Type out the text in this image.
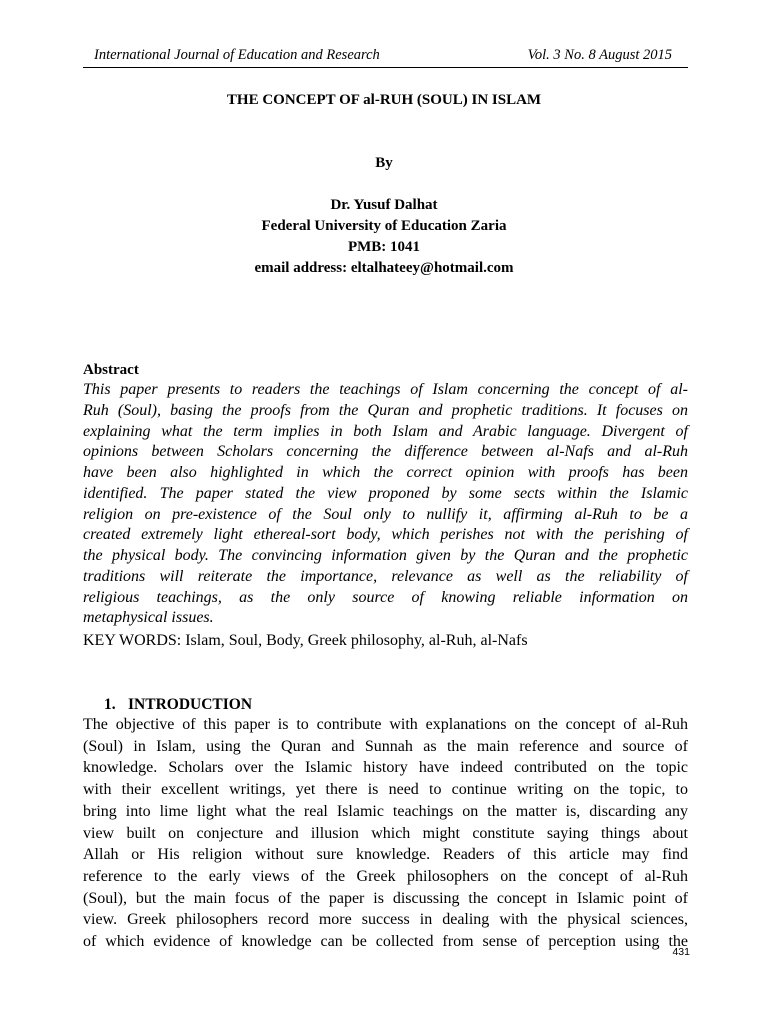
International Journal of Education and Research	Vol. 3 No. 8 August 2015
THE CONCEPT OF al-RUH (SOUL) IN ISLAM
By
Dr. Yusuf Dalhat
Federal University of Education Zaria
PMB: 1041
email address: eltalhateey@hotmail.com
Abstract
This paper presents to readers the teachings of Islam concerning the concept of al-
Ruh (Soul), basing the proofs from the Quran and prophetic traditions. It focuses on
explaining what the term implies in both Islam and Arabic language. Divergent of
opinions between Scholars concerning the difference between al-Nafs and al-Ruh
have been also highlighted in which the correct opinion with proofs has been
identified. The paper stated the view proponed by some sects within the Islamic
religion on pre-existence of the Soul only to nullify it, affirming al-Ruh to be a
created extremely light ethereal-sort body, which perishes not with the perishing of
the physical body. The convincing information given by the Quran and the prophetic
traditions will reiterate the importance, relevance as well as the reliability of
religious teachings, as the only source of knowing reliable information on
metaphysical issues.
KEY WORDS: Islam, Soul, Body, Greek philosophy, al-Ruh, al-Nafs
1. INTRODUCTION
The objective of this paper is to contribute with explanations on the concept of al-Ruh
(Soul) in Islam, using the Quran and Sunnah as the main reference and source of
knowledge. Scholars over the Islamic history have indeed contributed on the topic
with their excellent writings, yet there is need to continue writing on the topic, to
bring into lime light what the real Islamic teachings on the matter is, discarding any
view built on conjecture and illusion which might constitute saying things about
Allah or His religion without sure knowledge. Readers of this article may find
reference to the early views of the Greek philosophers on the concept of al-Ruh
(Soul), but the main focus of the paper is discussing the concept in Islamic point of
view. Greek philosophers record more success in dealing with the physical sciences,
of which evidence of knowledge can be collected from sense of perception using the
431
